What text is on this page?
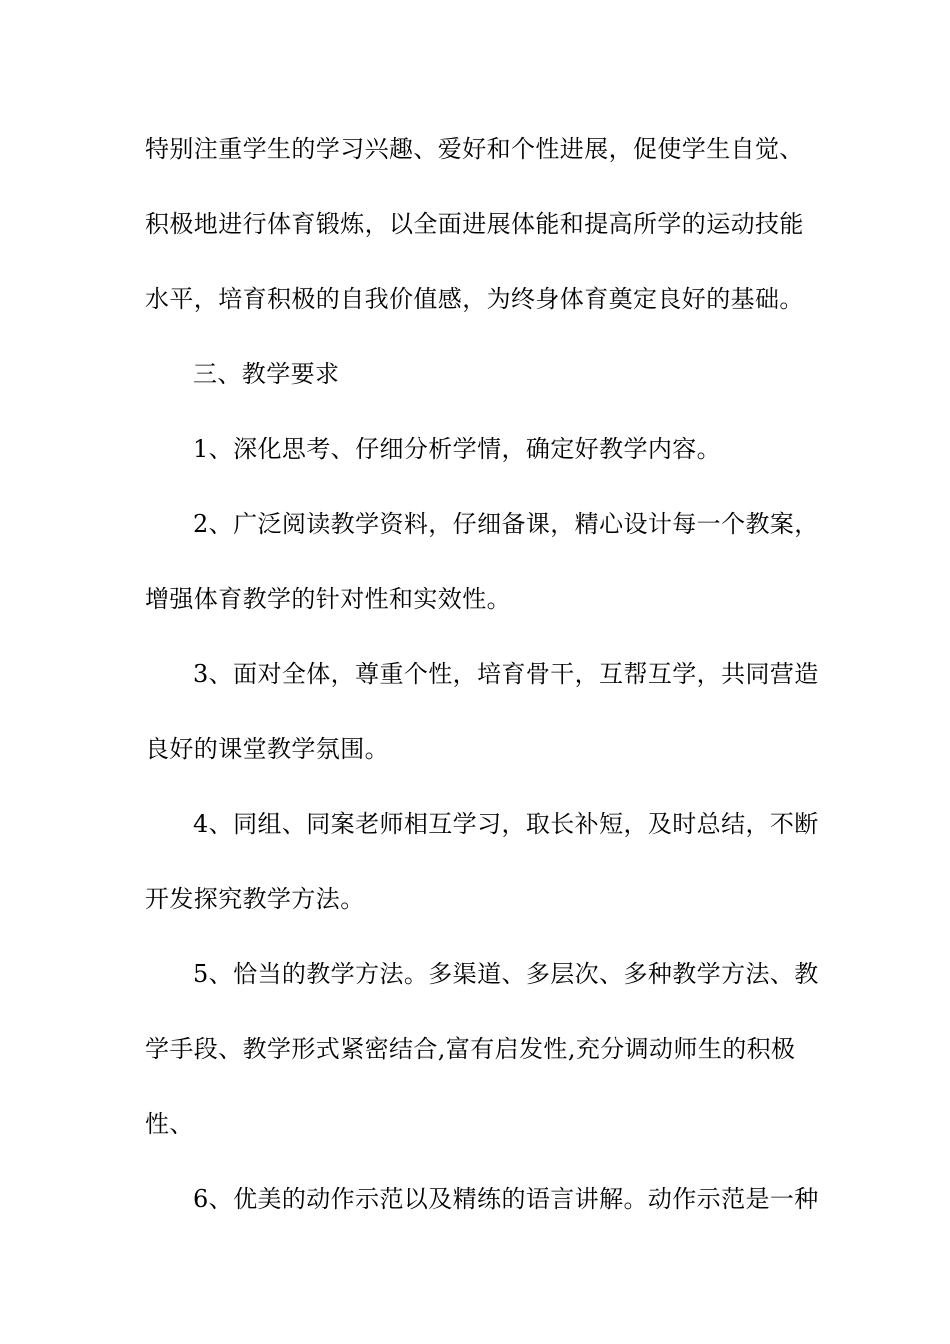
特别注重学生的学习兴趣、爱好和个性进展，促使学生自觉、
积极地进行体育锻炼，以全面进展体能和提高所学的运动技能
水平，培育积极的自我价值感，为终身体育奠定良好的基础。
三、教学要求
1、深化思考、仔细分析学情，确定好教学内容。
2、广泛阅读教学资料，仔细备课，精心设计每一个教案，
增强体育教学的针对性和实效性。
3、面对全体，尊重个性，培育骨干，互帮互学，共同营造
良好的课堂教学氛围。
4、同组、同案老师相互学习，取长补短，及时总结，不断
开发探究教学方法。
5、恰当的教学方法。多渠道、多层次、多种教学方法、教
学手段、教学形式紧密结合,富有启发性,充分调动师生的积极
性、
6、优美的动作示范以及精练的语言讲解。动作示范是一种
